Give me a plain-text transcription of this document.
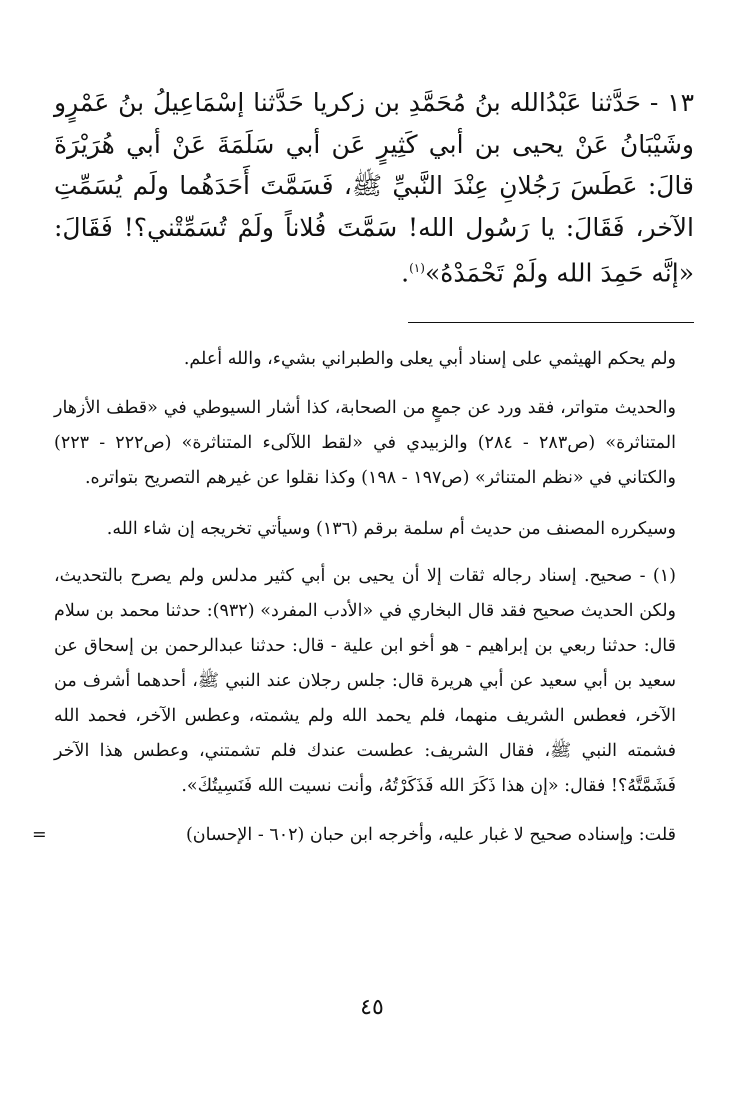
١٣ - حَدَّثنا عَبْدُالله بنُ مُحَمَّدِ بن زكريا حَدَّثنا إسْمَاعِيلُ بنُ عَمْرٍو وشَيْبَانُ عَنْ يحيى بن أبي كَثِيرٍ عَن أبي سَلَمَةَ عَنْ أبي هُرَيْرَةَ قالَ: عَطَسَ رَجُلانِ عِنْدَ النَّبيِّ ﷺ، فَسَمَّتَ أَحَدَهُما ولَم يُسَمِّتِ الآخر، فَقَالَ: يا رَسُول الله! سَمَّتَ فُلاناً ولَمْ تُسَمِّتْني؟! فَقَالَ: «إنَّه حَمِدَ الله ولَمْ تَحْمَدْهُ»$^{(١)}$.

ولم يحكم الهيثمي على إسناد أبي يعلى والطبراني بشيء، والله أعلم.

والحديث متواتر، فقد ورد عن جمعٍ من الصحابة، كذا أشار السيوطي في «قطف الأزهار المتناثرة» (ص٢٨٣ - ٢٨٤) والزبيدي في «لقط اللآلىء المتناثرة» (ص٢٢٢ - ٢٢٣) والكتاني في «نظم المتناثر» (ص١٩٧ - ١٩٨) وكذا نقلوا عن غيرهم التصريح بتواتره.

وسيكرره المصنف من حديث أم سلمة برقم (١٣٦) وسيأتي تخريجه إن شاء الله.

(١) - صحيح. إسناد رجاله ثقات إلا أن يحيى بن أبي كثير مدلس ولم يصرح بالتحديث، ولكن الحديث صحيح فقد قال البخاري في «الأدب المفرد» (٩٣٢): حدثنا محمد بن سلام قال: حدثنا ربعي بن إبراهيم - هو أخو ابن علية - قال: حدثنا عبدالرحمن بن إسحاق عن سعيد بن أبي سعيد عن أبي هريرة قال: جلس رجلان عند النبي ﷺ، أحدهما أشرف من الآخر، فعطس الشريف منهما، فلم يحمد الله ولم يشمته، وعطس الآخر، فحمد الله فشمته النبي ﷺ، فقال الشريف: عطست عندك فلم تشمتني، وعطس هذا الآخر فَشَمَّتَّهُ؟! فقال: «إن هذا ذَكَرَ الله فَذَكَرْتُهُ، وأنت نسيت الله فَنَسِيتُكَ».

قلت: وإسناده صحيح لا غبار عليه، وأخرجه ابن حبان (٦٠٢ - الإحسان)

=
٤٥
